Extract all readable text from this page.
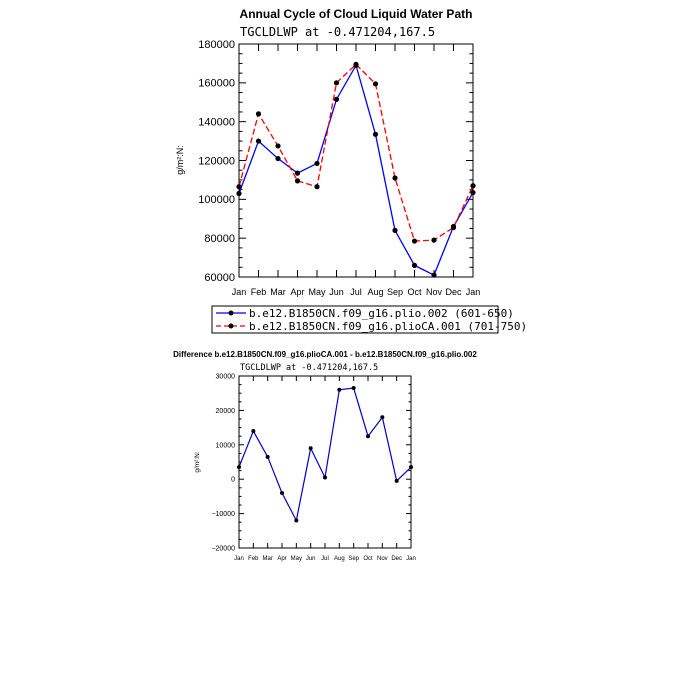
Annual Cycle of Cloud Liquid Water Path
TGCLDLWP at -0.471204,167.5
g/m²:N:
60000
80000
100000
120000
140000
160000
180000
Jan Feb Mar Apr May Jun Jul Aug Sep Oct Nov Dec Jan
b.e12.B1850CN.f09_g16.plio.002 (601-650)
b.e12.B1850CN.f09_g16.plioCA.001 (701-750)
Difference b.e12.B1850CN.f09_g16.plioCA.001 - b.e12.B1850CN.f09_g16.plio.002
TGCLDLWP at -0.471204,167.5
g/m²:N:
−20000
−10000
0
10000
20000
30000
Jan Feb Mar Apr May Jun Jul Aug Sep Oct Nov Dec Jan
